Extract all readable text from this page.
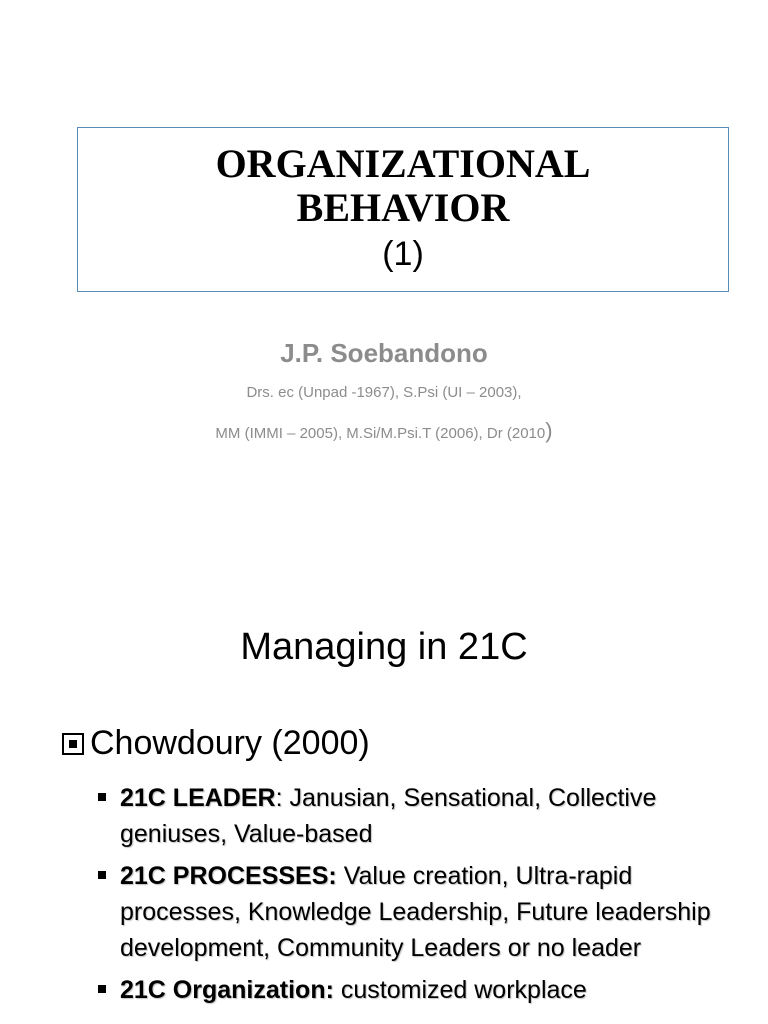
ORGANIZATIONAL
BEHAVIOR
(1)
J.P. Soebandono
Drs. ec (Unpad -1967), S.Psi (UI – 2003),
MM (IMMI – 2005), M.Si/M.Psi.T (2006), Dr (2010)
Managing in 21C
Chowdoury (2000)
21C LEADER: Janusian, Sensational, Collective geniuses, Value-based
21C PROCESSES: Value creation, Ultra-rapid processes, Knowledge Leadership, Future leadership development, Community Leaders or no leader
21C Organization: customized workplace
